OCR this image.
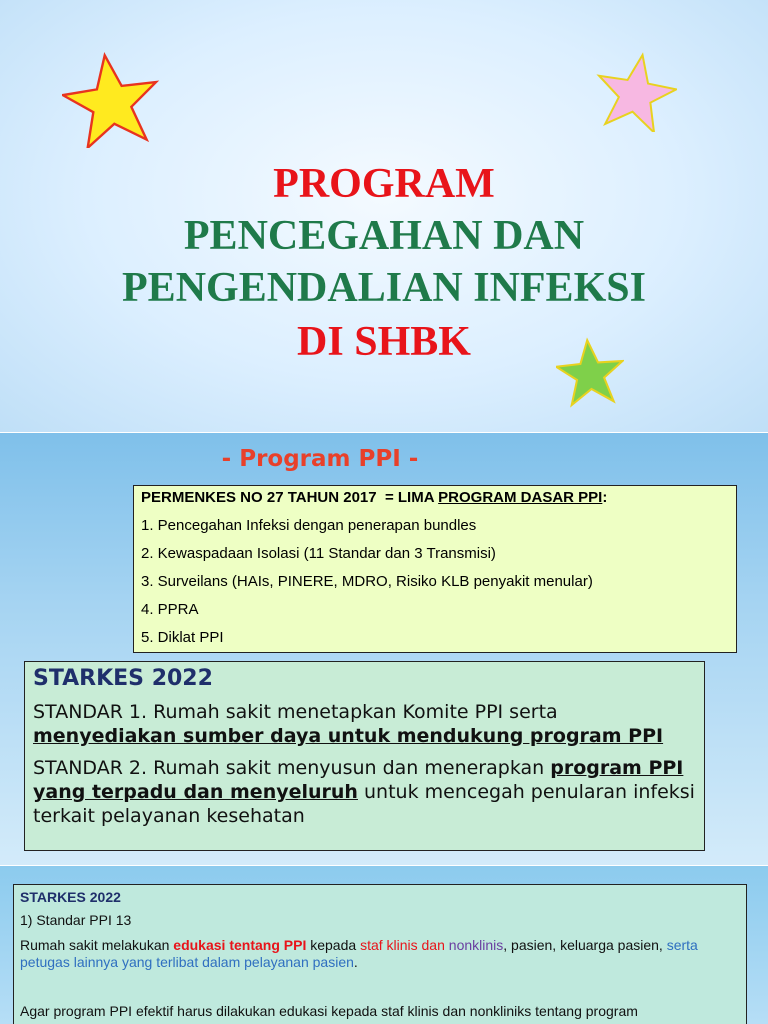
PROGRAM
PENCEGAHAN DAN
PENGENDALIAN INFEKSI
DI SHBK
- Program PPI -
PERMENKES NO 27 TAHUN 2017  = LIMA PROGRAM DASAR PPI:
1. Pencegahan Infeksi dengan penerapan bundles
2. Kewaspadaan Isolasi (11 Standar dan 3 Transmisi)
3. Surveilans (HAIs, PINERE, MDRO, Risiko KLB penyakit menular)
4. PPRA
5. Diklat PPI
STARKES 2022
STANDAR 1. Rumah sakit menetapkan Komite PPI serta
menyediakan sumber daya untuk mendukung program PPI
STANDAR 2. Rumah sakit menyusun dan menerapkan program PPI yang terpadu dan menyeluruh untuk mencegah penularan infeksi terkait pelayanan kesehatan
STARKES 2022
1) Standar PPI 13
Rumah sakit melakukan edukasi tentang PPI kepada staf klinis dan nonklinis, pasien, keluarga pasien, serta petugas lainnya yang terlibat dalam pelayanan pasien.
Agar program PPI efektif harus dilakukan edukasi kepada staf klinis dan nonkliniks tentang program
